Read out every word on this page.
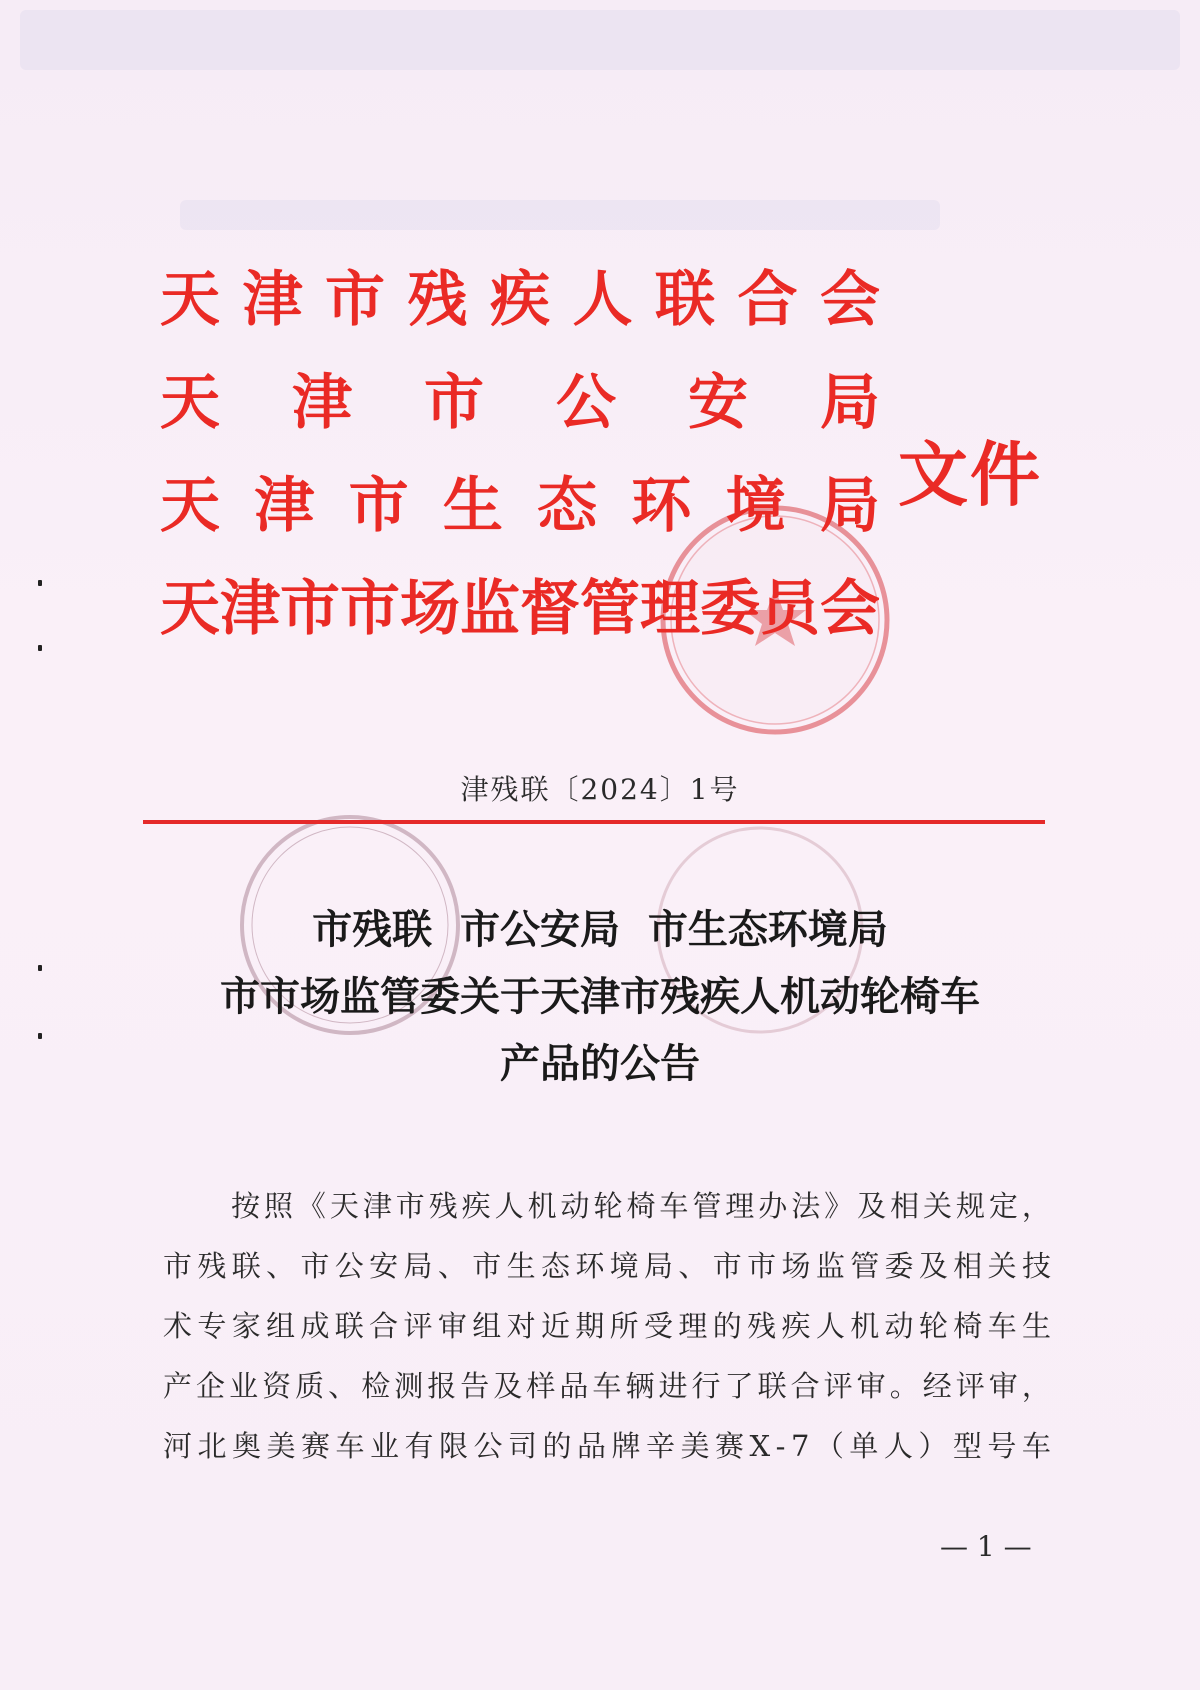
天 津 市 残 疾 人 联 合 会
天 津 市 公 安 局
天 津 市 生 态 环 境 局
天津市市场监督管理委员会
文件
津残联〔2024〕1号
市残联  市公安局  市生态环境局
市市场监管委关于天津市残疾人机动轮椅车
产品的公告
按 照 《 天 津 市 残 疾 人 机 动 轮 椅 车 管 理 办 法 》 及 相 关 规 定 ，
市 残 联 、 市 公 安 局 、 市 生 态 环 境 局 、 市 市 场 监 管 委 及 相 关 技
术 专 家 组 成 联 合 评 审 组 对 近 期 所 受 理 的 残 疾 人 机 动 轮 椅 车 生
产 企 业 资 质 、 检 测 报 告 及 样 品 车 辆 进 行 了 联 合 评 审 。 经 评 审 ，
河 北 奥 美 赛 车 业 有 限 公 司 的 品 牌 辛 美 赛 X - 7 （ 单 人 ） 型 号 车
— 1 —
